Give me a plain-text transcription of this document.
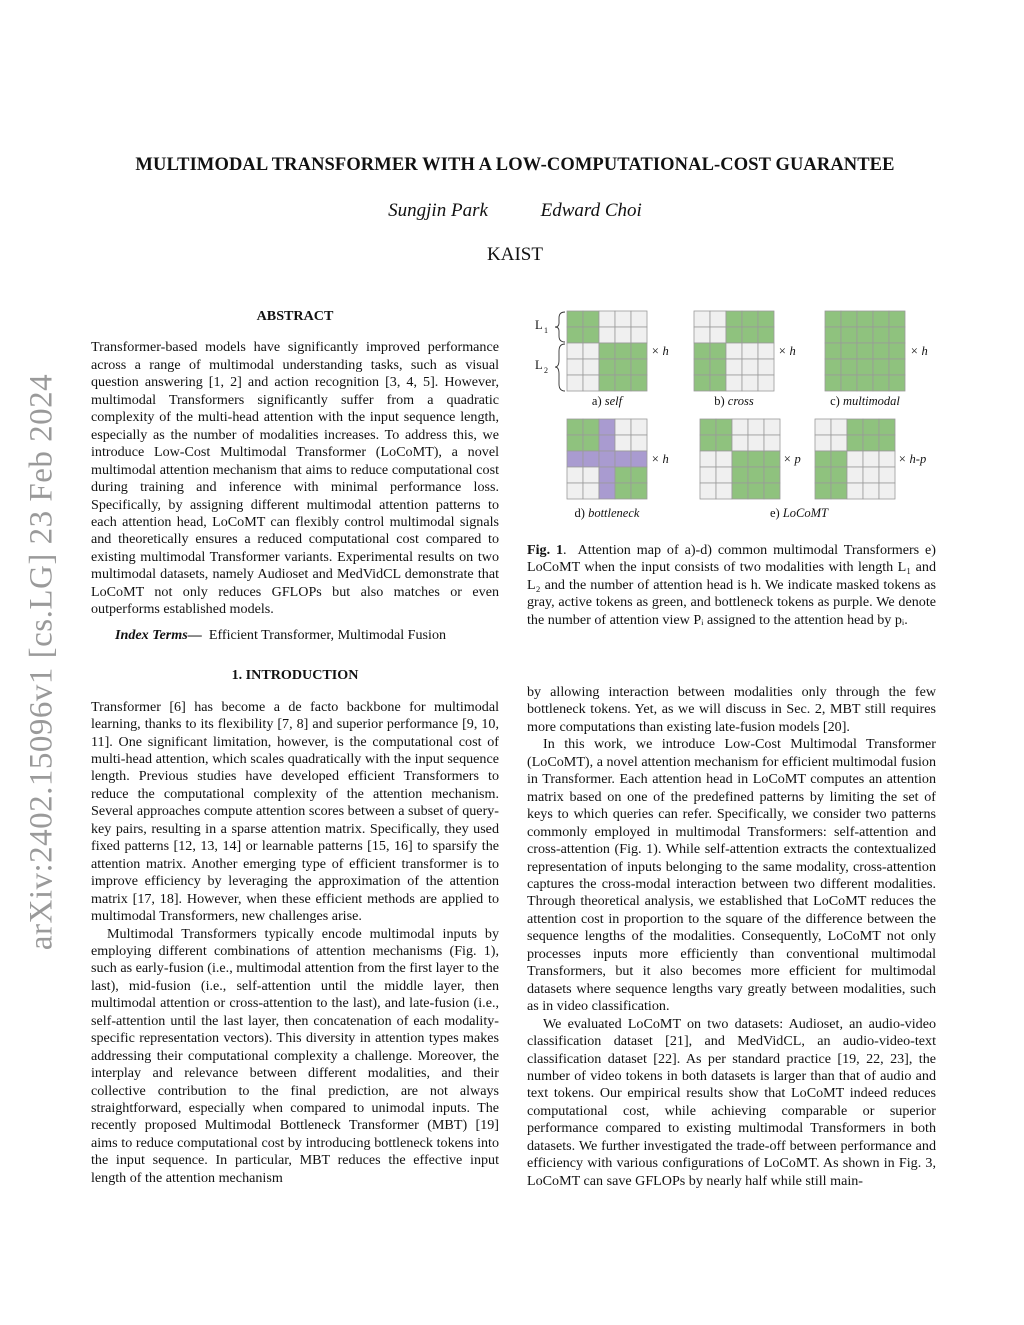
arXiv:2402.15096v1 [cs.LG] 23 Feb 2024
MULTIMODAL TRANSFORMER WITH A LOW-COMPUTATIONAL-COST GUARANTEE
Sungjin Park	Edward Choi
KAIST
ABSTRACT

Transformer-based models have significantly improved performance across a range of multimodal understanding tasks, such as visual question answering [1, 2] and action recognition [3, 4, 5]. However, multimodal Transformers significantly suffer from a quadratic complexity of the multi-head attention with the input sequence length, especially as the number of modalities increases. To address this, we introduce Low-Cost Multimodal Transformer (LoCoMT), a novel multimodal attention mechanism that aims to reduce computational cost during training and inference with minimal performance loss. Specifically, by assigning different multimodal attention patterns to each attention head, LoCoMT can flexibly control multimodal signals and theoretically ensures a reduced computational cost compared to existing multimodal Transformer variants. Experimental results on two multimodal datasets, namely Audioset and MedVidCL demonstrate that LoCoMT not only reduces GFLOPs but also matches or even outperforms established models.

Index Terms— Efficient Transformer, Multimodal Fusion

1. INTRODUCTION

Transformer [6] has become a de facto backbone for multimodal learning, thanks to its flexibility [7, 8] and superior performance [9, 10, 11]. One significant limitation, however, is the computational cost of multi-head attention, which scales quadratically with the input sequence length. Previous studies have developed efficient Transformers to reduce the computational complexity of the attention mechanism. Several approaches compute attention scores between a subset of query-key pairs, resulting in a sparse attention matrix. Specifically, they used fixed patterns [12, 13, 14] or learnable patterns [15, 16] to sparsify the attention matrix. Another emerging type of efficient transformer is to improve efficiency by leveraging the approximation of the attention matrix [17, 18]. However, when these efficient methods are applied to multimodal Transformers, new challenges arise.

Multimodal Transformers typically encode multimodal inputs by employing different combinations of attention mechanisms (Fig. 1), such as early-fusion (i.e., multimodal attention from the first layer to the last), mid-fusion (i.e., self-attention until the middle layer, then multimodal attention or cross-attention to the last), and late-fusion (i.e., self-attention until the last layer, then concatenation of each modality-specific representation vectors). This diversity in attention types makes addressing their computational complexity a challenge. Moreover, the interplay and relevance between different modalities, and their collective contribution to the final prediction, are not always straightforward, especially when compared to unimodal inputs. The recently proposed Multimodal Bottleneck Transformer (MBT) [19] aims to reduce computational cost by introducing bottleneck tokens into the input sequence. In particular, MBT reduces the effective input length of the attention mechanism

L 1
L 2
× h	× h	× h
× h	× p	× h-p
a) self	b) cross	c) multimodal
d) bottleneck	e) LoCoMT
Fig. 1.  Attention map of a)-d) common multimodal Transformers e) LoCoMT when the input consists of two modalities with length L₁ and L₂ and the number of attention head is h. We indicate masked tokens as gray, active tokens as green, and bottleneck tokens as purple. We denote the number of attention view Pᵢ assigned to the attention head by pᵢ.

by allowing interaction between modalities only through the few bottleneck tokens. Yet, as we will discuss in Sec. 2, MBT still requires more computations than existing late-fusion models [20].

In this work, we introduce Low-Cost Multimodal Transformer (LoCoMT), a novel attention mechanism for efficient multimodal fusion in Transformer. Each attention head in LoCoMT computes an attention matrix based on one of the predefined patterns by limiting the set of keys to which queries can refer. Specifically, we consider two patterns commonly employed in multimodal Transformers: self-attention and cross-attention (Fig. 1). While self-attention extracts the contextualized representation of inputs belonging to the same modality, cross-attention captures the cross-modal interaction between two different modalities. Through theoretical analysis, we established that LoCoMT reduces the attention cost in proportion to the square of the difference between the sequence lengths of the modalities. Consequently, LoCoMT not only processes inputs more efficiently than conventional multimodal Transformers, but it also becomes more efficient for multimodal datasets where sequence lengths vary greatly between modalities, such as in video classification.

We evaluated LoCoMT on two datasets: Audioset, an audio-video classification dataset [21], and MedVidCL, an audio-video-text classification dataset [22]. As per standard practice [19, 22, 23], the number of video tokens in both datasets is larger than that of audio and text tokens. Our empirical results show that LoCoMT indeed reduces computational cost, while achieving comparable or superior performance compared to existing multimodal Transformers in both datasets. We further investigated the trade-off between performance and efficiency with various configurations of LoCoMT. As shown in Fig. 3, LoCoMT can save GFLOPs by nearly half while still main-
